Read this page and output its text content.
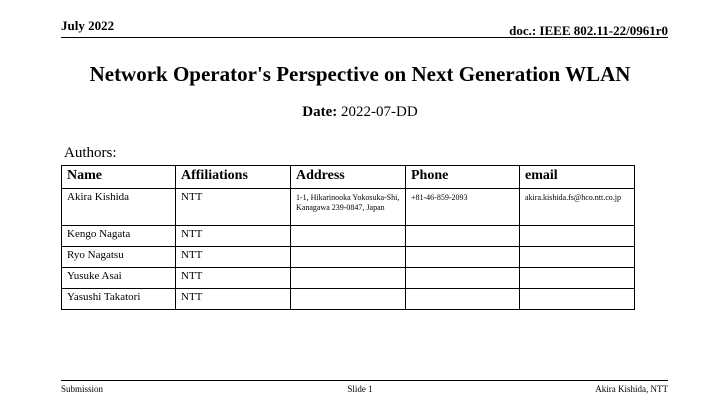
July 2022	doc.: IEEE 802.11-22/0961r0
Network Operator's Perspective on Next Generation WLAN
Date: 2022-07-DD
Authors:
Name	Affiliations	Address	Phone	email
Akira Kishida	NTT	1-1, Hikarinooka Yokosuka-Shi, Kanagawa 239-0847, Japan	+81-46-859-2093	akira.kishida.fs@hco.ntt.co.jp
Kengo Nagata	NTT			
Ryo Nagatsu	NTT			
Yusuke Asai	NTT			
Yasushi Takatori	NTT			
Submission	Slide 1	Akira Kishida, NTT
